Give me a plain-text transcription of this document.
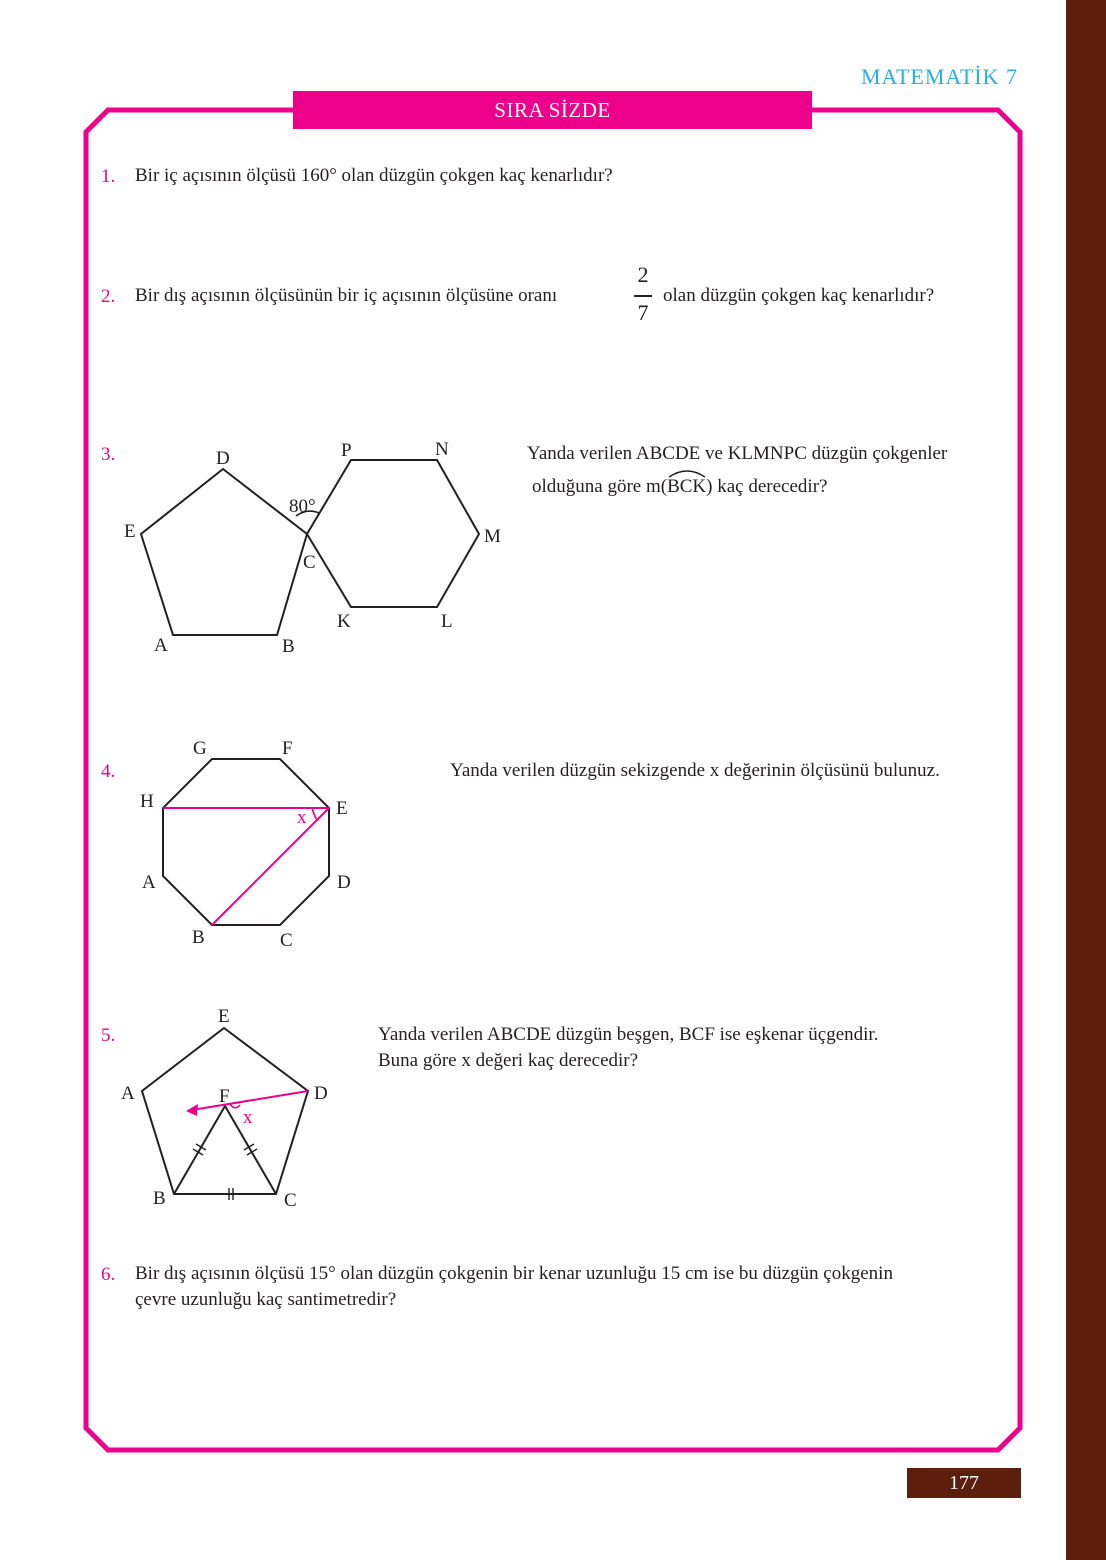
MATEMATİK 7
SIRA SİZDE
1. Bir iç açısının ölçüsü 160° olan düzgün çokgen kaç kenarlıdır?
2. Bir dış açısının ölçüsünün bir iç açısının ölçüsüne oranı
2
7
olan düzgün çokgen kaç kenarlıdır?
3.	Yanda verilen ABCDE ve KLMNPC düzgün çokgenler
olduğuna göre m(
BCK) kaç derecedir?
4.	Yanda verilen düzgün sekizgende x değerinin ölçüsünü bulunuz.
5.	Yanda verilen ABCDE düzgün beşgen, BCF ise eşkenar üçgendir.
Buna göre x değeri kaç derecedir?
6. Bir dış açısının ölçüsü 15° olan düzgün çokgenin bir kenar uzunluğu 15 cm ise bu düzgün çokgenin
çevre uzunluğu kaç santimetredir?
D	P	N
E	M
C
K	L
A	B
80°
G	F
H	E
A	D
B	C
x
E
A	F	D
B	C
x
177
